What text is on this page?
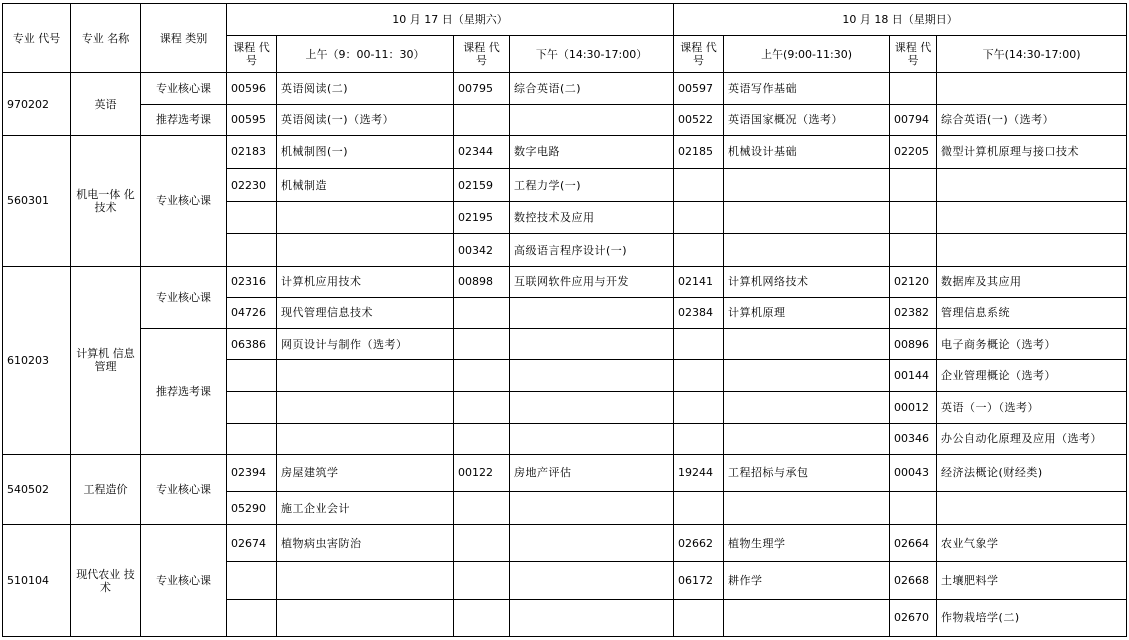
专业 代号	专业 名称	课程 类别	10 月 17 日（星期六）				10 月 18 日（星期日）			
			课程 代号	上午（9：00-11：30）	课程 代号	下午（14:30-17:00）	课程 代号	上午(9:00-11:30)	课程 代号	下午(14:30-17:00)
970202	英语	专业核心课	00596	英语阅读(二)	00795	综合英语(二)	00597	英语写作基础		
		推荐选考课	00595	英语阅读(一)（选考）			00522	英语国家概况（选考）	00794	综合英语(一)（选考）
560301	机电一体 化技术	专业核心课	02183	机械制图(一)	02344	数字电路	02185	机械设计基础	02205	微型计算机原理与接口技术
			02230	机械制造	02159	工程力学(一)				
					02195	数控技术及应用				
					00342	高级语言程序设计(一)				
610203	计算机 信息管理	专业核心课	02316	计算机应用技术	00898	互联网软件应用与开发	02141	计算机网络技术	02120	数据库及其应用
			04726	现代管理信息技术			02384	计算机原理	02382	管理信息系统
		推荐选考课	06386	网页设计与制作（选考）					00896	电子商务概论（选考）
									00144	企业管理概论（选考）
									00012	英语（一）（选考）
									00346	办公自动化原理及应用（选考）
540502	工程造价	专业核心课	02394	房屋建筑学	00122	房地产评估	19244	工程招标与承包	00043	经济法概论(财经类)
			05290	施工企业会计						
510104	现代农业 技术	专业核心课	02674	植物病虫害防治			02662	植物生理学	02664	农业气象学
							06172	耕作学	02668	土壤肥料学
									02670	作物栽培学(二)
